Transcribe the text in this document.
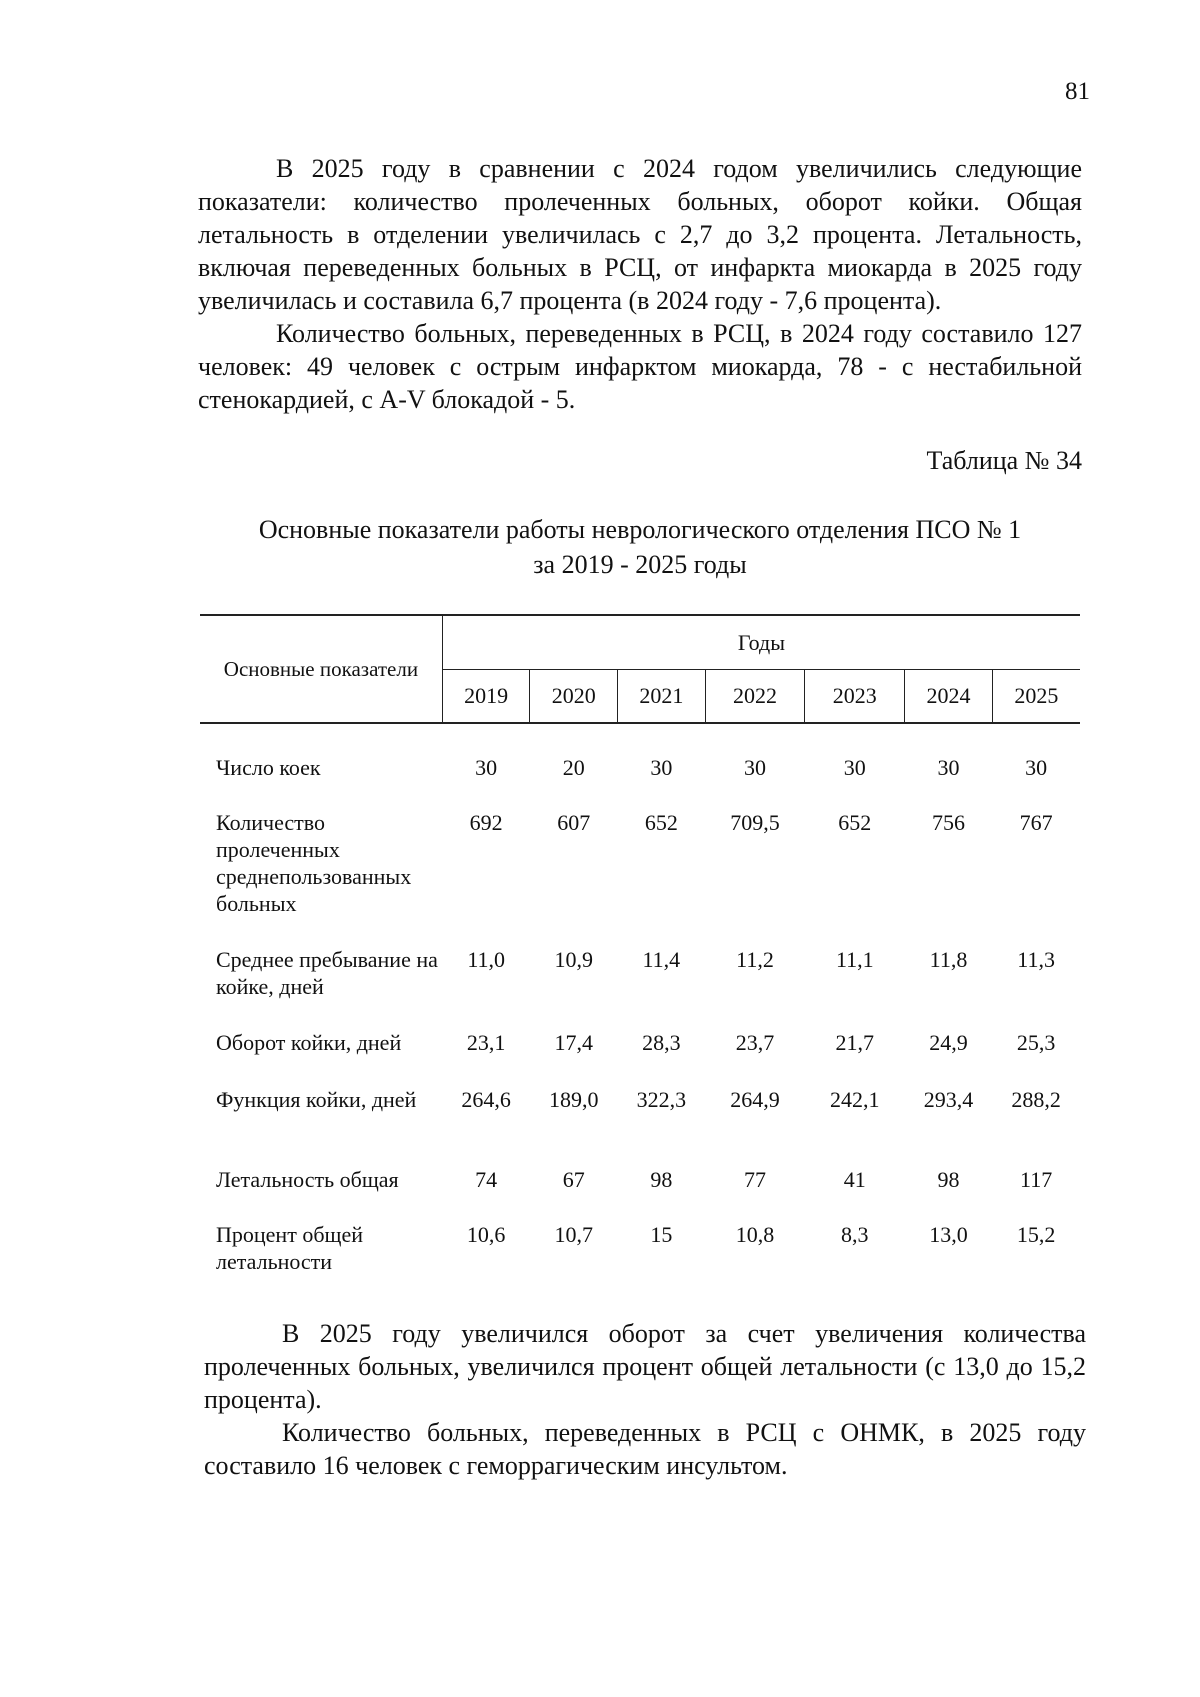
81

В 2025 году в сравнении с 2024 годом увеличились следующие показатели: количество пролеченных больных, оборот койки. Общая летальность в отделении увеличилась с 2,7 до 3,2 процента. Летальность, включая переведенных больных в РСЦ, от инфаркта миокарда в 2025 году увеличилась и составила 6,7 процента (в 2024 году - 7,6 процента).

Количество больных, переведенных в РСЦ, в 2024 году составило 127 человек: 49 человек с острым инфарктом миокарда, 78 - с нестабильной стенокардией, с A-V блокадой - 5.

Таблица № 34
Основные показатели работы неврологического отделения ПСО № 1
за 2019 - 2025 годы
Основные показатели	Годы						
	2019	2020	2021	2022	2023	2024	2025

Число коек	30	20	30	30	30	30	30
Количество пролеченных среднепользованных больных	692	607	652	709,5	652	756	767
Среднее пребывание на койке, дней	11,0	10,9	11,4	11,2	11,1	11,8	11,3
Оборот койки, дней	23,1	17,4	28,3	23,7	21,7	24,9	25,3
Функция койки, дней	264,6	189,0	322,3	264,9	242,1	293,4	288,2
Летальность общая	74	67	98	77	41	98	117
Процент общей летальности	10,6	10,7	15	10,8	8,3	13,0	15,2

В 2025 году увеличился оборот за счет увеличения количества пролеченных больных, увеличился процент общей летальности (с 13,0 до 15,2 процента).

Количество больных, переведенных в РСЦ с ОНМК, в 2025 году составило 16 человек с геморрагическим инсультом.
